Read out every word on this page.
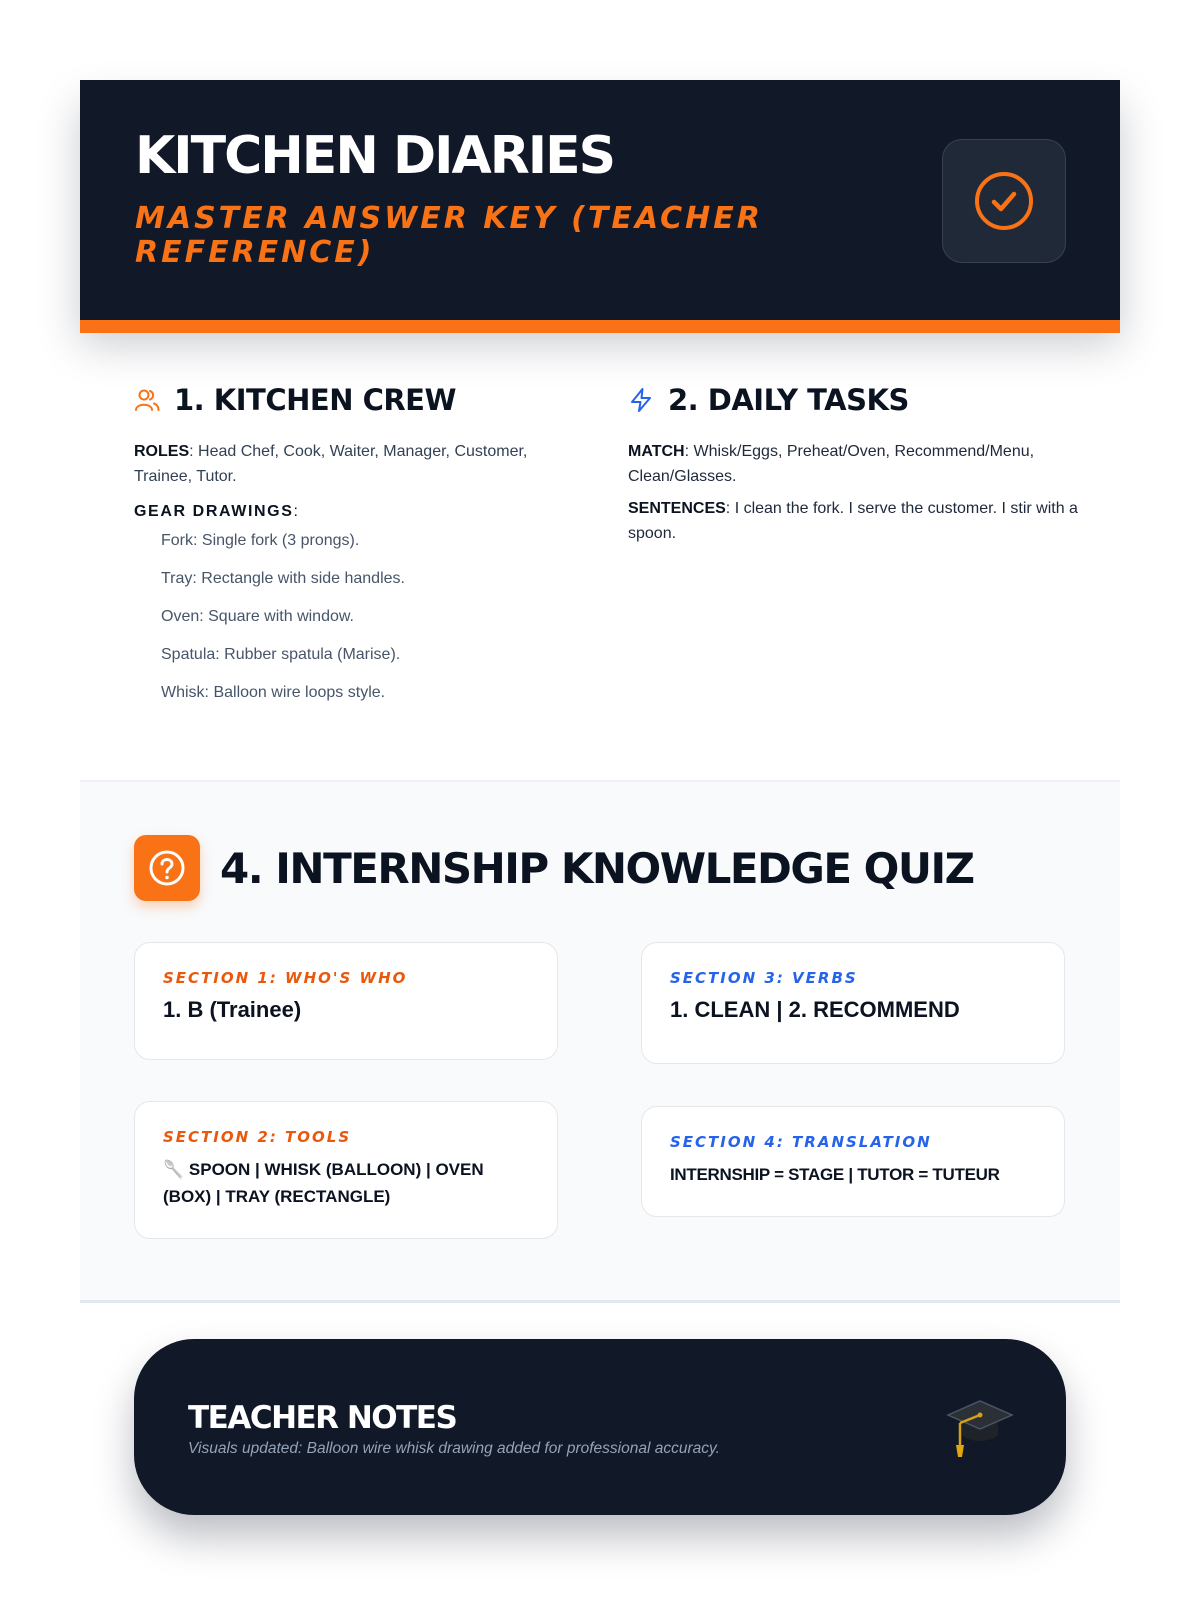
KITCHEN DIARIES
MASTER ANSWER KEY (TEACHER REFERENCE)
1. KITCHEN CREW

ROLES: Head Chef, Cook, Waiter, Manager, Customer, Trainee, Tutor.

GEAR DRAWINGS:
Fork: Single fork (3 prongs).
Tray: Rectangle with side handles.
Oven: Square with window.
Spatula: Rubber spatula (Marise).
Whisk: Balloon wire loops style.
2. DAILY TASKS

MATCH: Whisk/Eggs, Preheat/Oven, Recommend/Menu, Clean/Glasses.

SENTENCES: I clean the fork. I serve the customer. I stir with a spoon.

4. INTERNSHIP KNOWLEDGE QUIZ
SECTION 1: WHO'S WHO
1. B (Trainee)
SECTION 3: VERBS
1. CLEAN | 2. RECOMMEND
SECTION 2: TOOLS
🥄 SPOON | WHISK (BALLOON) | OVEN (BOX) | TRAY (RECTANGLE)
SECTION 4: TRANSLATION
INTERNSHIP = STAGE | TUTOR = TUTEUR
TEACHER NOTES
Visuals updated: Balloon wire whisk drawing added for professional accuracy.
